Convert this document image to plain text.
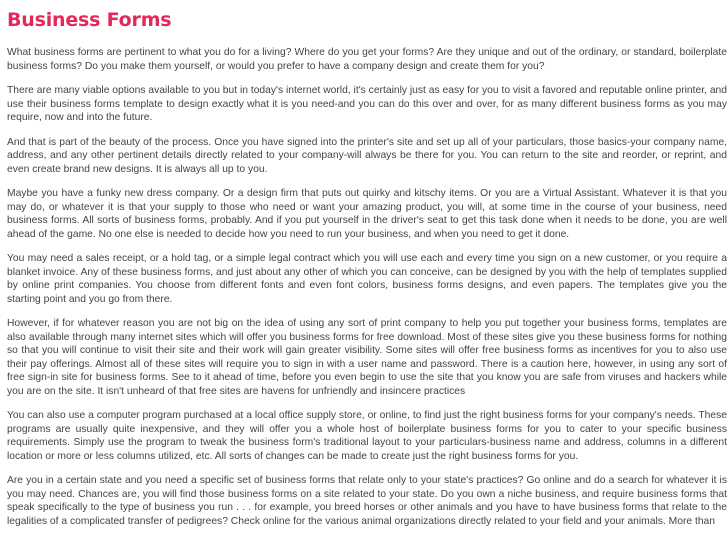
Business Forms

What business forms are pertinent to what you do for a living? Where do you get your forms? Are they unique and out of the ordinary, or standard, boilerplate business forms? Do you make them yourself, or would you prefer to have a company design and create them for you?

There are many viable options available to you but in today's internet world, it's certainly just as easy for you to visit a favored and reputable online printer, and use their business forms template to design exactly what it is you need-and you can do this over and over, for as many different business forms as you may require, now and into the future.

And that is part of the beauty of the process. Once you have signed into the printer's site and set up all of your particulars, those basics-your company name, address, and any other pertinent details directly related to your company-will always be there for you. You can return to the site and reorder, or reprint, and even create brand new designs. It is always all up to you.

Maybe you have a funky new dress company. Or a design firm that puts out quirky and kitschy items. Or you are a Virtual Assistant. Whatever it is that you may do, or whatever it is that your supply to those who need or want your amazing product, you will, at some time in the course of your business, need business forms. All sorts of business forms, probably. And if you put yourself in the driver's seat to get this task done when it needs to be done, you are well ahead of the game. No one else is needed to decide how you need to run your business, and when you need to get it done.

You may need a sales receipt, or a hold tag, or a simple legal contract which you will use each and every time you sign on a new customer, or you require a blanket invoice. Any of these business forms, and just about any other of which you can conceive, can be designed by you with the help of templates supplied by online print companies. You choose from different fonts and even font colors, business forms designs, and even papers. The templates give you the starting point and you go from there.

However, if for whatever reason you are not big on the idea of using any sort of print company to help you put together your business forms, templates are also available through many internet sites which will offer you business forms for free download. Most of these sites give you these business forms for nothing so that you will continue to visit their site and their work will gain greater visibility. Some sites will offer free business forms as incentives for you to also use their pay offerings. Almost all of these sites will require you to sign in with a user name and password. There is a caution here, however, in using any sort of free sign-in site for business forms. See to it ahead of time, before you even begin to use the site that you know you are safe from viruses and hackers while you are on the site. It isn't unheard of that free sites are havens for unfriendly and insincere practices

You can also use a computer program purchased at a local office supply store, or online, to find just the right business forms for your company's needs. These programs are usually quite inexpensive, and they will offer you a whole host of boilerplate business forms for you to cater to your specific business requirements. Simply use the program to tweak the business form's traditional layout to your particulars-business name and address, columns in a different location or more or less columns utilized, etc. All sorts of changes can be made to create just the right business forms for you.

Are you in a certain state and you need a specific set of business forms that relate only to your state's practices? Go online and do a search for whatever it is you may need. Chances are, you will find those business forms on a site related to your state. Do you own a niche business, and require business forms that speak specifically to the type of business you run . . . for example, you breed horses or other animals and you have to have business forms that relate to the legalities of a complicated transfer of pedigrees? Check online for the various animal organizations directly related to your field and your animals. More than
